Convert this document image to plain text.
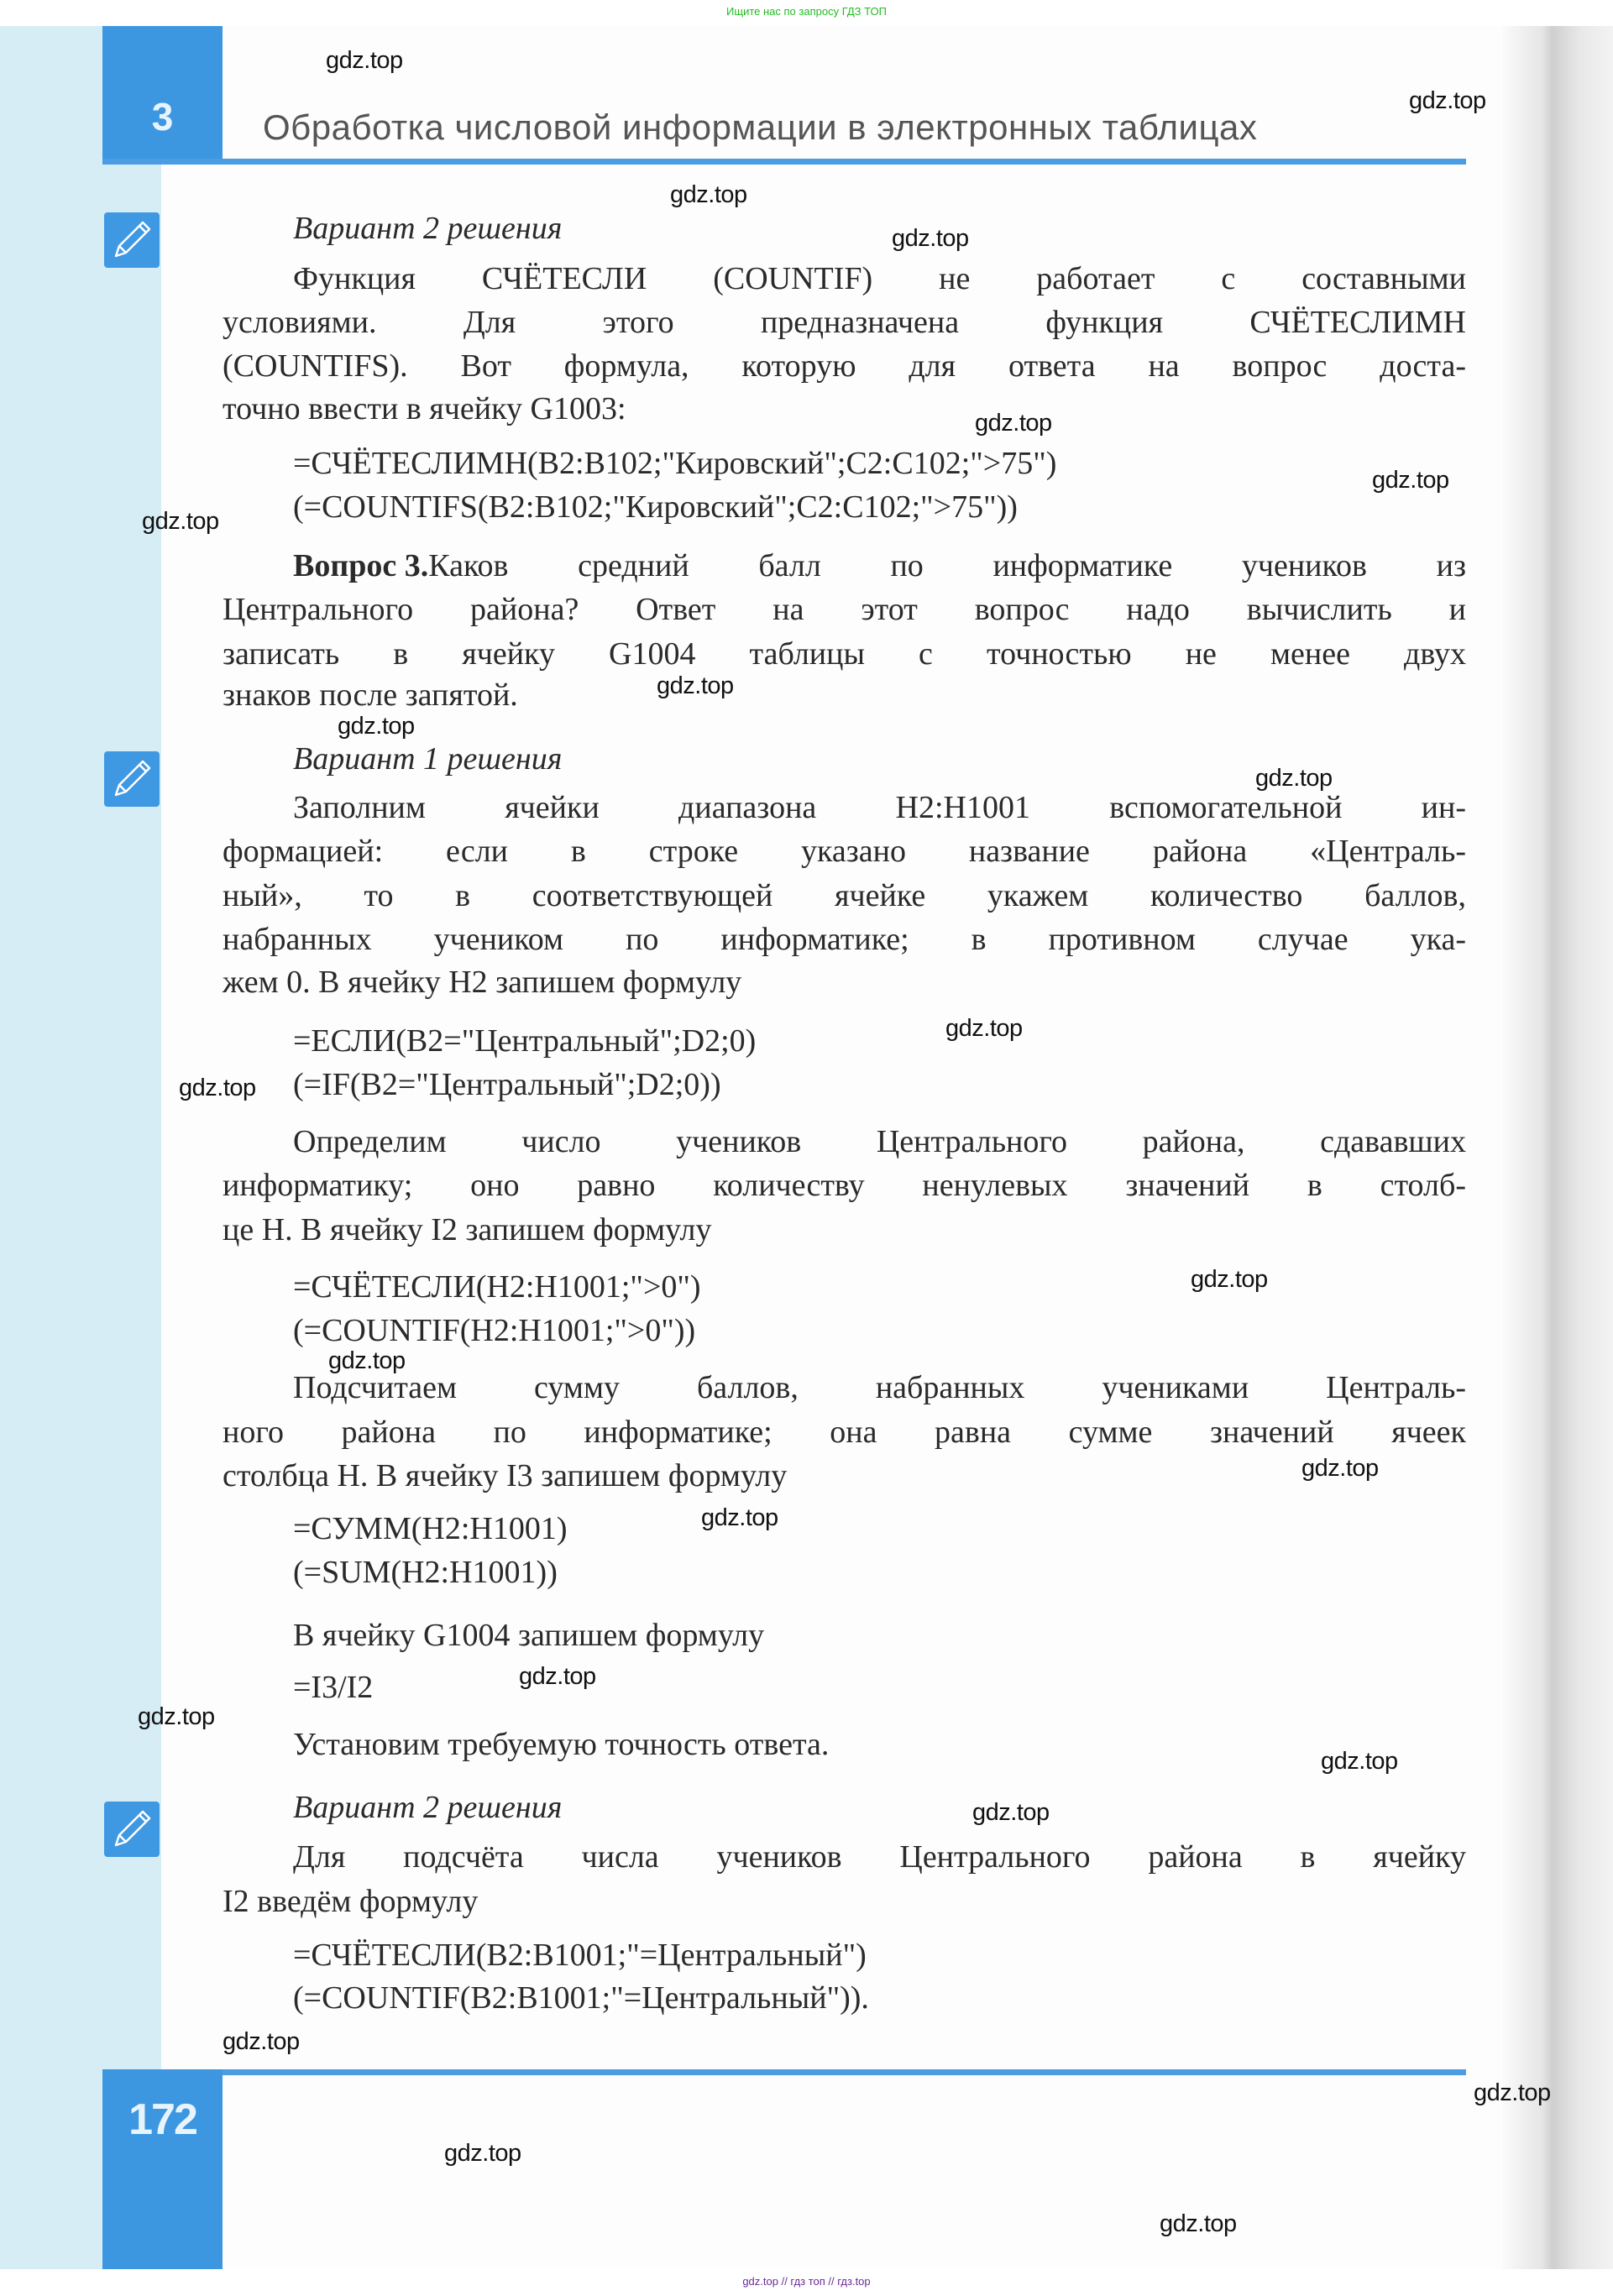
Ищите нас по запросу ГДЗ ТОП
3	Обработка числовой информации в электронных таблицах
172
Вариант 2 решения
Функция СЧЁТЕСЛИ (COUNTIF) не работает с составными
условиями. Для этого предназначена функция СЧЁТЕСЛИМН
(COUNTIFS). Вот формула, которую для ответа на вопрос доста-
точно ввести в ячейку G1003:
=СЧЁТЕСЛИМН(B2:B102;"Кировский";C2:C102;">75")
(=COUNTIFS(B2:B102;"Кировский";C2:C102;">75"))
Вопрос 3. Каков средний балл по информатике учеников из
Центрального района? Ответ на этот вопрос надо вычислить и
записать в ячейку G1004 таблицы с точностью не менее двух
знаков после запятой.
Вариант 1 решения
Заполним ячейки диапазона H2:H1001 вспомогательной ин-
формацией: если в строке указано название района «Централь-
ный», то в соответствующей ячейке укажем количество баллов,
набранных учеником по информатике; в противном случае ука-
жем 0. В ячейку H2 запишем формулу
=ЕСЛИ(B2="Центральный";D2;0)
(=IF(B2="Центральный";D2;0))
Определим число учеников Центрального района, сдававших
информатику; оно равно количеству ненулевых значений в столб-
це H. В ячейку I2 запишем формулу
=СЧЁТЕСЛИ(H2:H1001;">0")
(=COUNTIF(H2:H1001;">0"))
Подсчитаем сумму баллов, набранных учениками Централь-
ного района по информатике; она равна сумме значений ячеек
столбца H. В ячейку I3 запишем формулу
=СУММ(H2:H1001)
(=SUM(H2:H1001))
В ячейку G1004 запишем формулу
=I3/I2
Установим требуемую точность ответа.
Вариант 2 решения
Для подсчёта числа учеников Центрального района в ячейку
I2 введём формулу
=СЧЁТЕСЛИ(B2:B1001;"=Центральный")
(=COUNTIF(B2:B1001;"=Центральный")).
gdz.top
gdz.top
gdz.top
gdz.top
gdz.top
gdz.top
gdz.top
gdz.top
gdz.top
gdz.top
gdz.top
gdz.top
gdz.top
gdz.top
gdz.top
gdz.top
gdz.top
gdz.top
gdz.top
gdz.top
gdz.top
gdz.top
gdz.top
gdz.top
gdz.top // гдз топ // гдз.top
